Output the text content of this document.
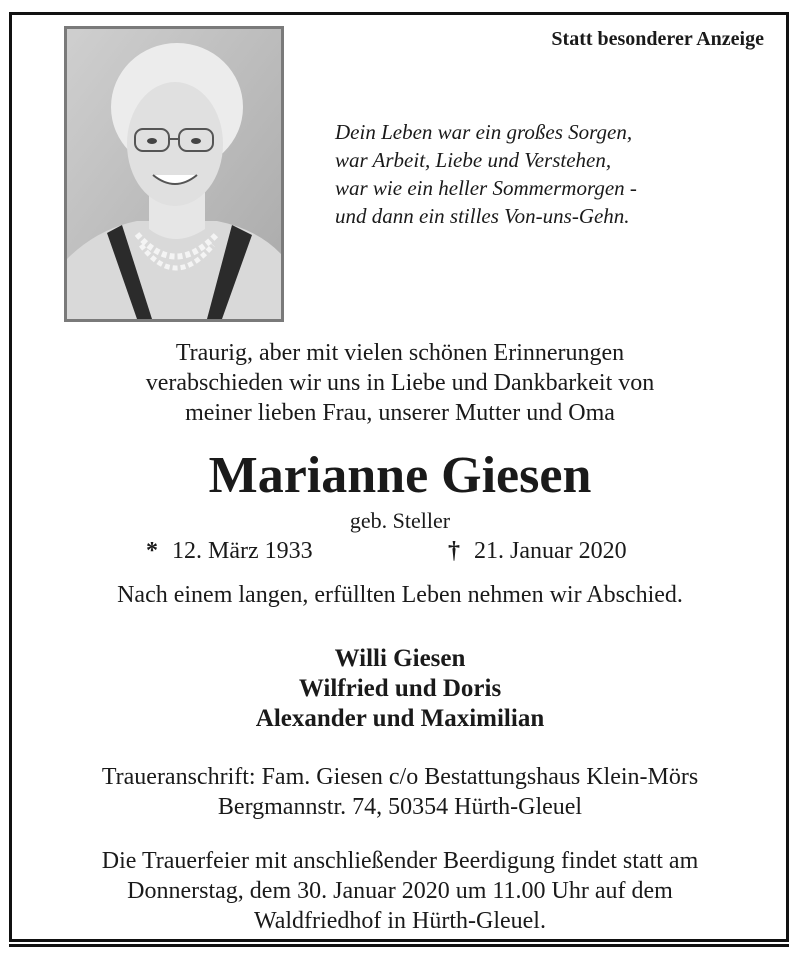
Statt besonderer Anzeige
Dein Leben war ein großes Sorgen,
war Arbeit, Liebe und Verstehen,
war wie ein heller Sommermorgen -
und dann ein stilles Von-uns-Gehn.
Traurig, aber mit vielen schönen Erinnerungen
verabschieden wir uns in Liebe und Dankbarkeit von
meiner lieben Frau, unserer Mutter und Oma
Marianne Giesen
geb. Steller
* 12. März 1933	† 21. Januar 2020
Nach einem langen, erfüllten Leben nehmen wir Abschied.
Willi Giesen
Wilfried und Doris
Alexander und Maximilian
Traueranschrift: Fam. Giesen c/o Bestattungshaus Klein-Mörs
Bergmannstr. 74, 50354 Hürth-Gleuel
Die Trauerfeier mit anschließender Beerdigung findet statt am
Donnerstag, dem 30. Januar 2020 um 11.00 Uhr auf dem
Waldfriedhof in Hürth-Gleuel.
